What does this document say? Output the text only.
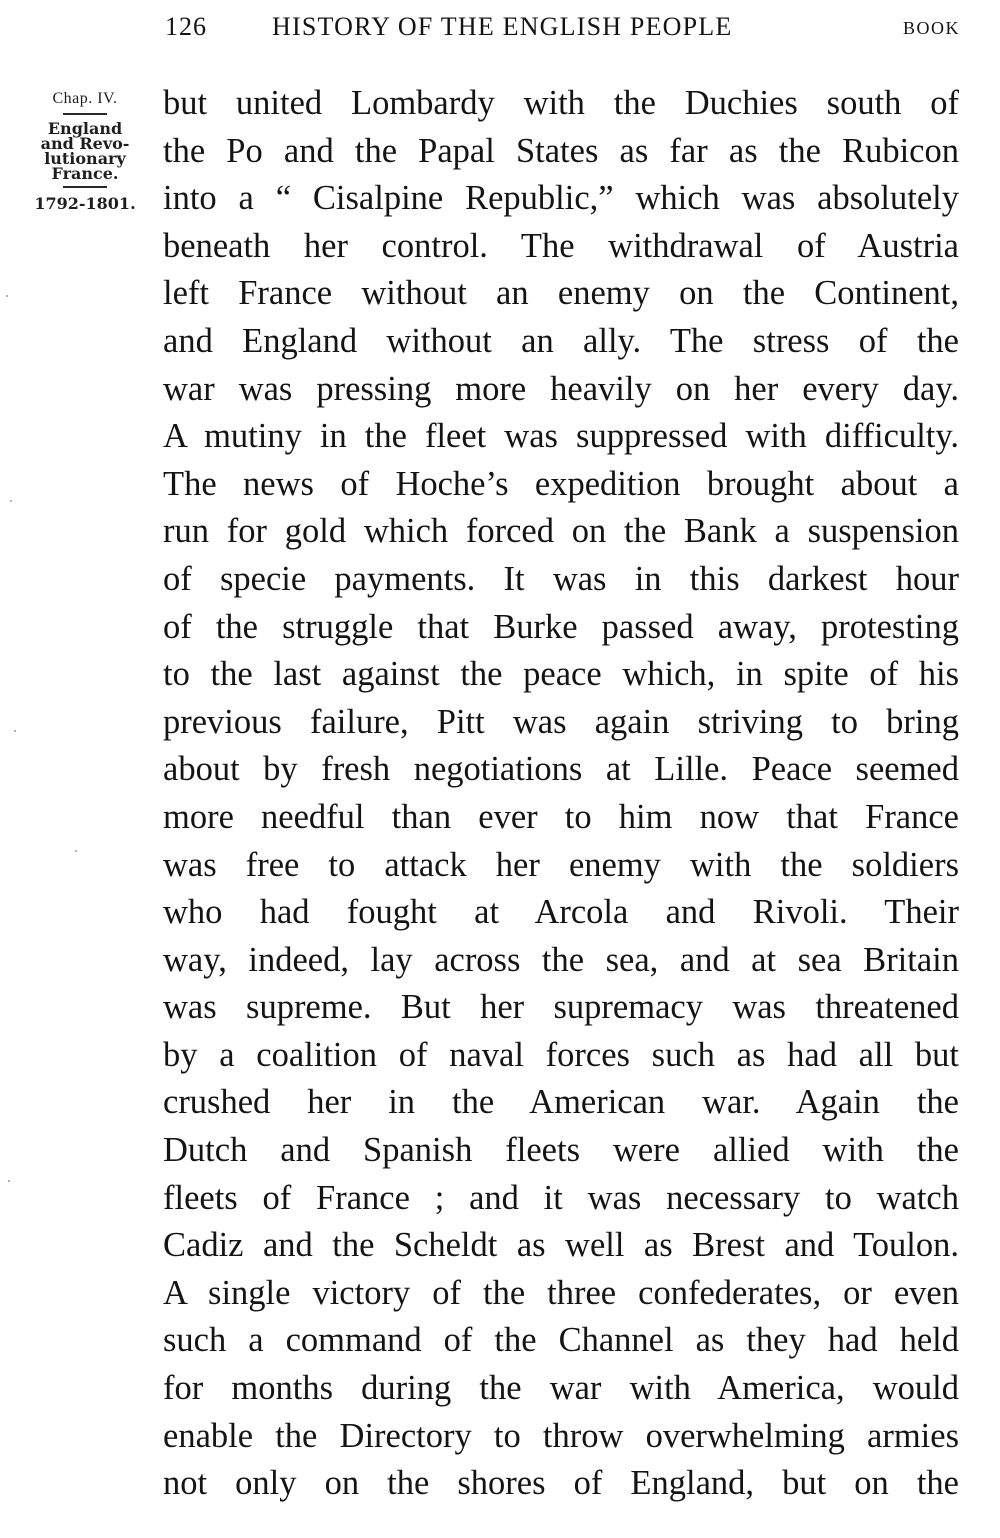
126	HISTORY OF THE ENGLISH PEOPLE	BOOK
Chap. IV.
England
and Revo-
lutionary
France.
1792-1801.
but united Lombardy with the Duchies south of
the Po and the Papal States as far as the Rubicon
into a “ Cisalpine Republic,” which was absolutely
beneath her control. The withdrawal of Austria
left France without an enemy on the Continent,
and England without an ally. The stress of the
war was pressing more heavily on her every day.
A mutiny in the fleet was suppressed with difficulty.
The news of Hoche’s expedition brought about a
run for gold which forced on the Bank a suspension
of specie payments. It was in this darkest hour
of the struggle that Burke passed away, protesting
to the last against the peace which, in spite of his
previous failure, Pitt was again striving to bring
about by fresh negotiations at Lille. Peace seemed
more needful than ever to him now that France
was free to attack her enemy with the soldiers
who had fought at Arcola and Rivoli. Their
way, indeed, lay across the sea, and at sea Britain
was supreme. But her supremacy was threatened
by a coalition of naval forces such as had all but
crushed her in the American war. Again the
Dutch and Spanish fleets were allied with the
fleets of France ; and it was necessary to watch
Cadiz and the Scheldt as well as Brest and Toulon.
A single victory of the three confederates, or even
such a command of the Channel as they had held
for months during the war with America, would
enable the Directory to throw overwhelming armies
not only on the shores of England, but on the
